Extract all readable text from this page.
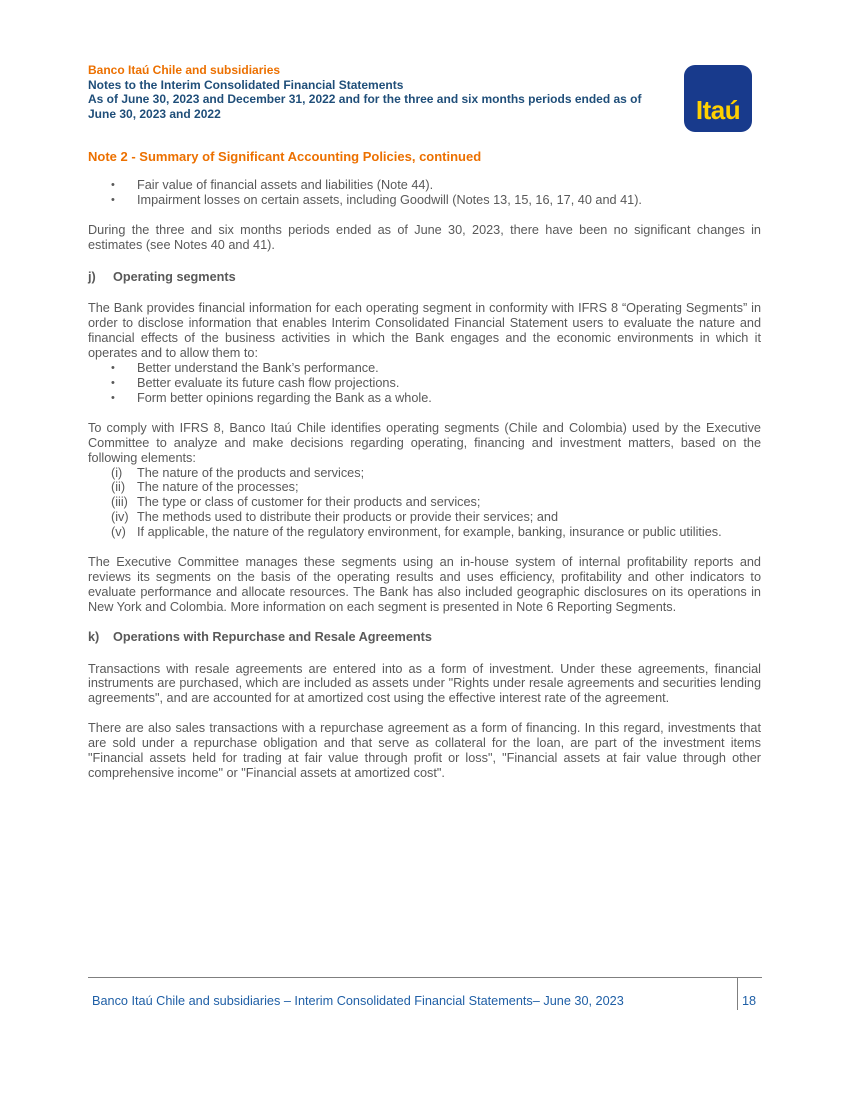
Banco Itaú Chile and subsidiaries
Notes to the Interim Consolidated Financial Statements
As of June 30, 2023 and December 31, 2022 and for the three and six months periods ended as of
June 30, 2023 and 2022	Itaú
Note 2 - Summary of Significant Accounting Policies, continued
• Fair value of financial assets and liabilities (Note 44).
• Impairment losses on certain assets, including Goodwill (Notes 13, 15, 16, 17, 40 and 41).

During the three and six months periods ended as of June 30, 2023, there have been no significant changes in estimates (see Notes 40 and 41).

j) Operating segments

The Bank provides financial information for each operating segment in conformity with IFRS 8 “Operating Segments” in order to disclose information that enables Interim Consolidated Financial Statement users to evaluate the nature and financial effects of the business activities in which the Bank engages and the economic environments in which it operates and to allow them to:

• Better understand the Bank’s performance.
• Better evaluate its future cash flow projections.
• Form better opinions regarding the Bank as a whole.

To comply with IFRS 8, Banco Itaú Chile identifies operating segments (Chile and Colombia) used by the Executive Committee to analyze and make decisions regarding operating, financing and investment matters, based on the following elements:

(i) The nature of the products and services;
(ii) The nature of the processes;
(iii) The type or class of customer for their products and services;
(iv) The methods used to distribute their products or provide their services; and
(v) If applicable, the nature of the regulatory environment, for example, banking, insurance or public utilities.

The Executive Committee manages these segments using an in-house system of internal profitability reports and reviews its segments on the basis of the operating results and uses efficiency, profitability and other indicators to evaluate performance and allocate resources. The Bank has also included geographic disclosures on its operations in New York and Colombia. More information on each segment is presented in Note 6 Reporting Segments.

k) Operations with Repurchase and Resale Agreements

Transactions with resale agreements are entered into as a form of investment. Under these agreements, financial instruments are purchased, which are included as assets under "Rights under resale agreements and securities lending agreements", and are accounted for at amortized cost using the effective interest rate of the agreement.

There are also sales transactions with a repurchase agreement as a form of financing. In this regard, investments that are sold under a repurchase obligation and that serve as collateral for the loan, are part of the investment items "Financial assets held for trading at fair value through profit or loss", "Financial assets at fair value through other comprehensive income" or "Financial assets at amortized cost".

Banco Itaú Chile and subsidiaries – Interim Consolidated Financial Statements– June 30, 2023	18
